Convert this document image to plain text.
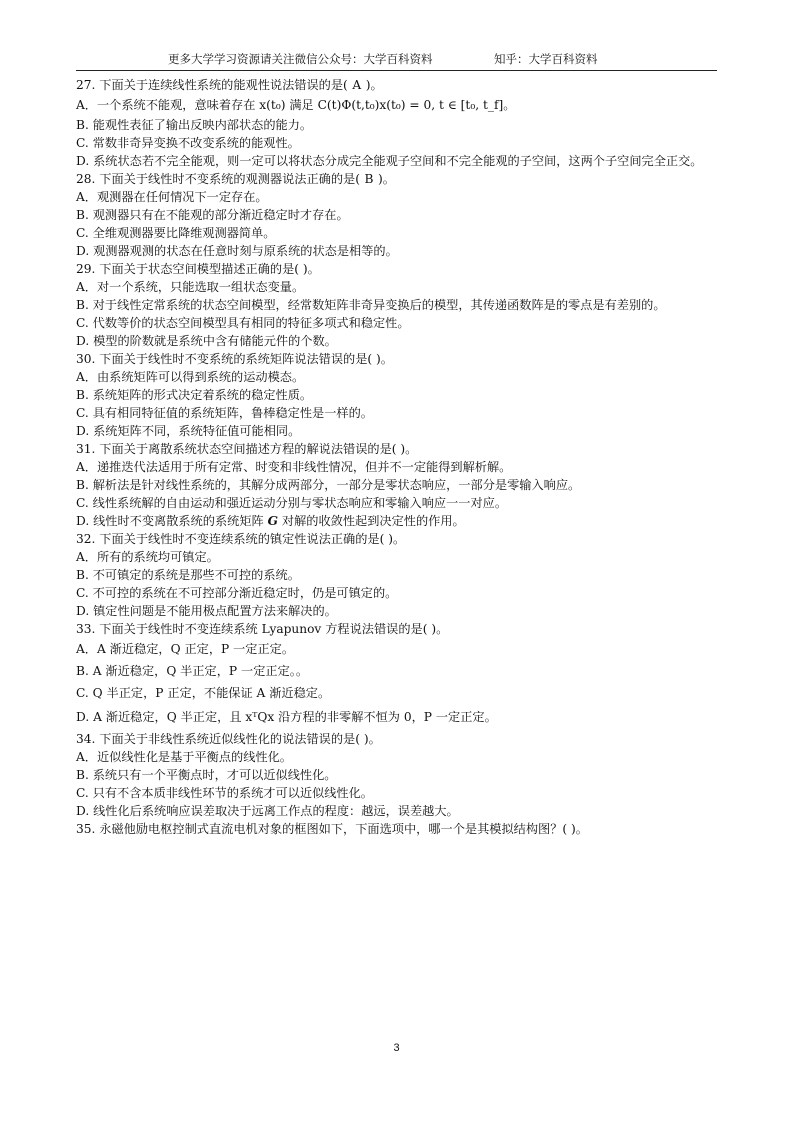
更多大学学习资源请关注微信公众号：大学百科资料	知乎：大学百科资料

27. 下面关于连续线性系统的能观性说法错误的是( A )。

A．一个系统不能观，意味着存在 x(t₀) 满足 C(t)Φ(t,t₀)x(t₀) = 0, t ∈ [t₀, t_f]。

B. 能观性表征了输出反映内部状态的能力。

C. 常数非奇异变换不改变系统的能观性。

D. 系统状态若不完全能观，则一定可以将状态分成完全能观子空间和不完全能观的子空间，这两个子空间完全正交。

28. 下面关于线性时不变系统的观测器说法正确的是( B )。

A．观测器在任何情况下一定存在。

B. 观测器只有在不能观的部分渐近稳定时才存在。

C. 全维观测器要比降维观测器简单。

D. 观测器观测的状态在任意时刻与原系统的状态是相等的。

29. 下面关于状态空间模型描述正确的是( )。

A．对一个系统，只能选取一组状态变量。

B. 对于线性定常系统的状态空间模型，经常数矩阵非奇异变换后的模型，其传递函数阵是的零点是有差别的。

C. 代数等价的状态空间模型具有相同的特征多项式和稳定性。

D. 模型的阶数就是系统中含有储能元件的个数。

30. 下面关于线性时不变系统的系统矩阵说法错误的是( )。

A．由系统矩阵可以得到系统的运动模态。

B. 系统矩阵的形式决定着系统的稳定性质。

C. 具有相同特征值的系统矩阵，鲁棒稳定性是一样的。

D. 系统矩阵不同，系统特征值可能相同。

31. 下面关于离散系统状态空间描述方程的解说法错误的是( )。

A．递推迭代法适用于所有定常、时变和非线性情况，但并不一定能得到解析解。

B. 解析法是针对线性系统的，其解分成两部分，一部分是零状态响应，一部分是零输入响应。

C. 线性系统解的自由运动和强近运动分别与零状态响应和零输入响应一一对应。

D. 线性时不变离散系统的系统矩阵 G 对解的收敛性起到决定性的作用。

32. 下面关于线性时不变连续系统的镇定性说法正确的是( )。

A．所有的系统均可镇定。

B. 不可镇定的系统是那些不可控的系统。

C. 不可控的系统在不可控部分渐近稳定时，仍是可镇定的。

D. 镇定性问题是不能用极点配置方法来解决的。

33. 下面关于线性时不变连续系统 Lyapunov 方程说法错误的是( )。

A．A 渐近稳定，Q 正定，P 一定正定。

B. A 渐近稳定，Q 半正定，P 一定正定。。

C. Q 半正定，P 正定，不能保证 A 渐近稳定。

D. A 渐近稳定，Q 半正定，且 xᵀQx 沿方程的非零解不恒为 0，P 一定正定。

34. 下面关于非线性系统近似线性化的说法错误的是( )。

A．近似线性化是基于平衡点的线性化。

B. 系统只有一个平衡点时，才可以近似线性化。

C. 只有不含本质非线性环节的系统才可以近似线性化。

D. 线性化后系统响应误差取决于远离工作点的程度：越远，误差越大。

35. 永磁他励电枢控制式直流电机对象的框图如下，下面选项中，哪一个是其模拟结构图？( )。

3
